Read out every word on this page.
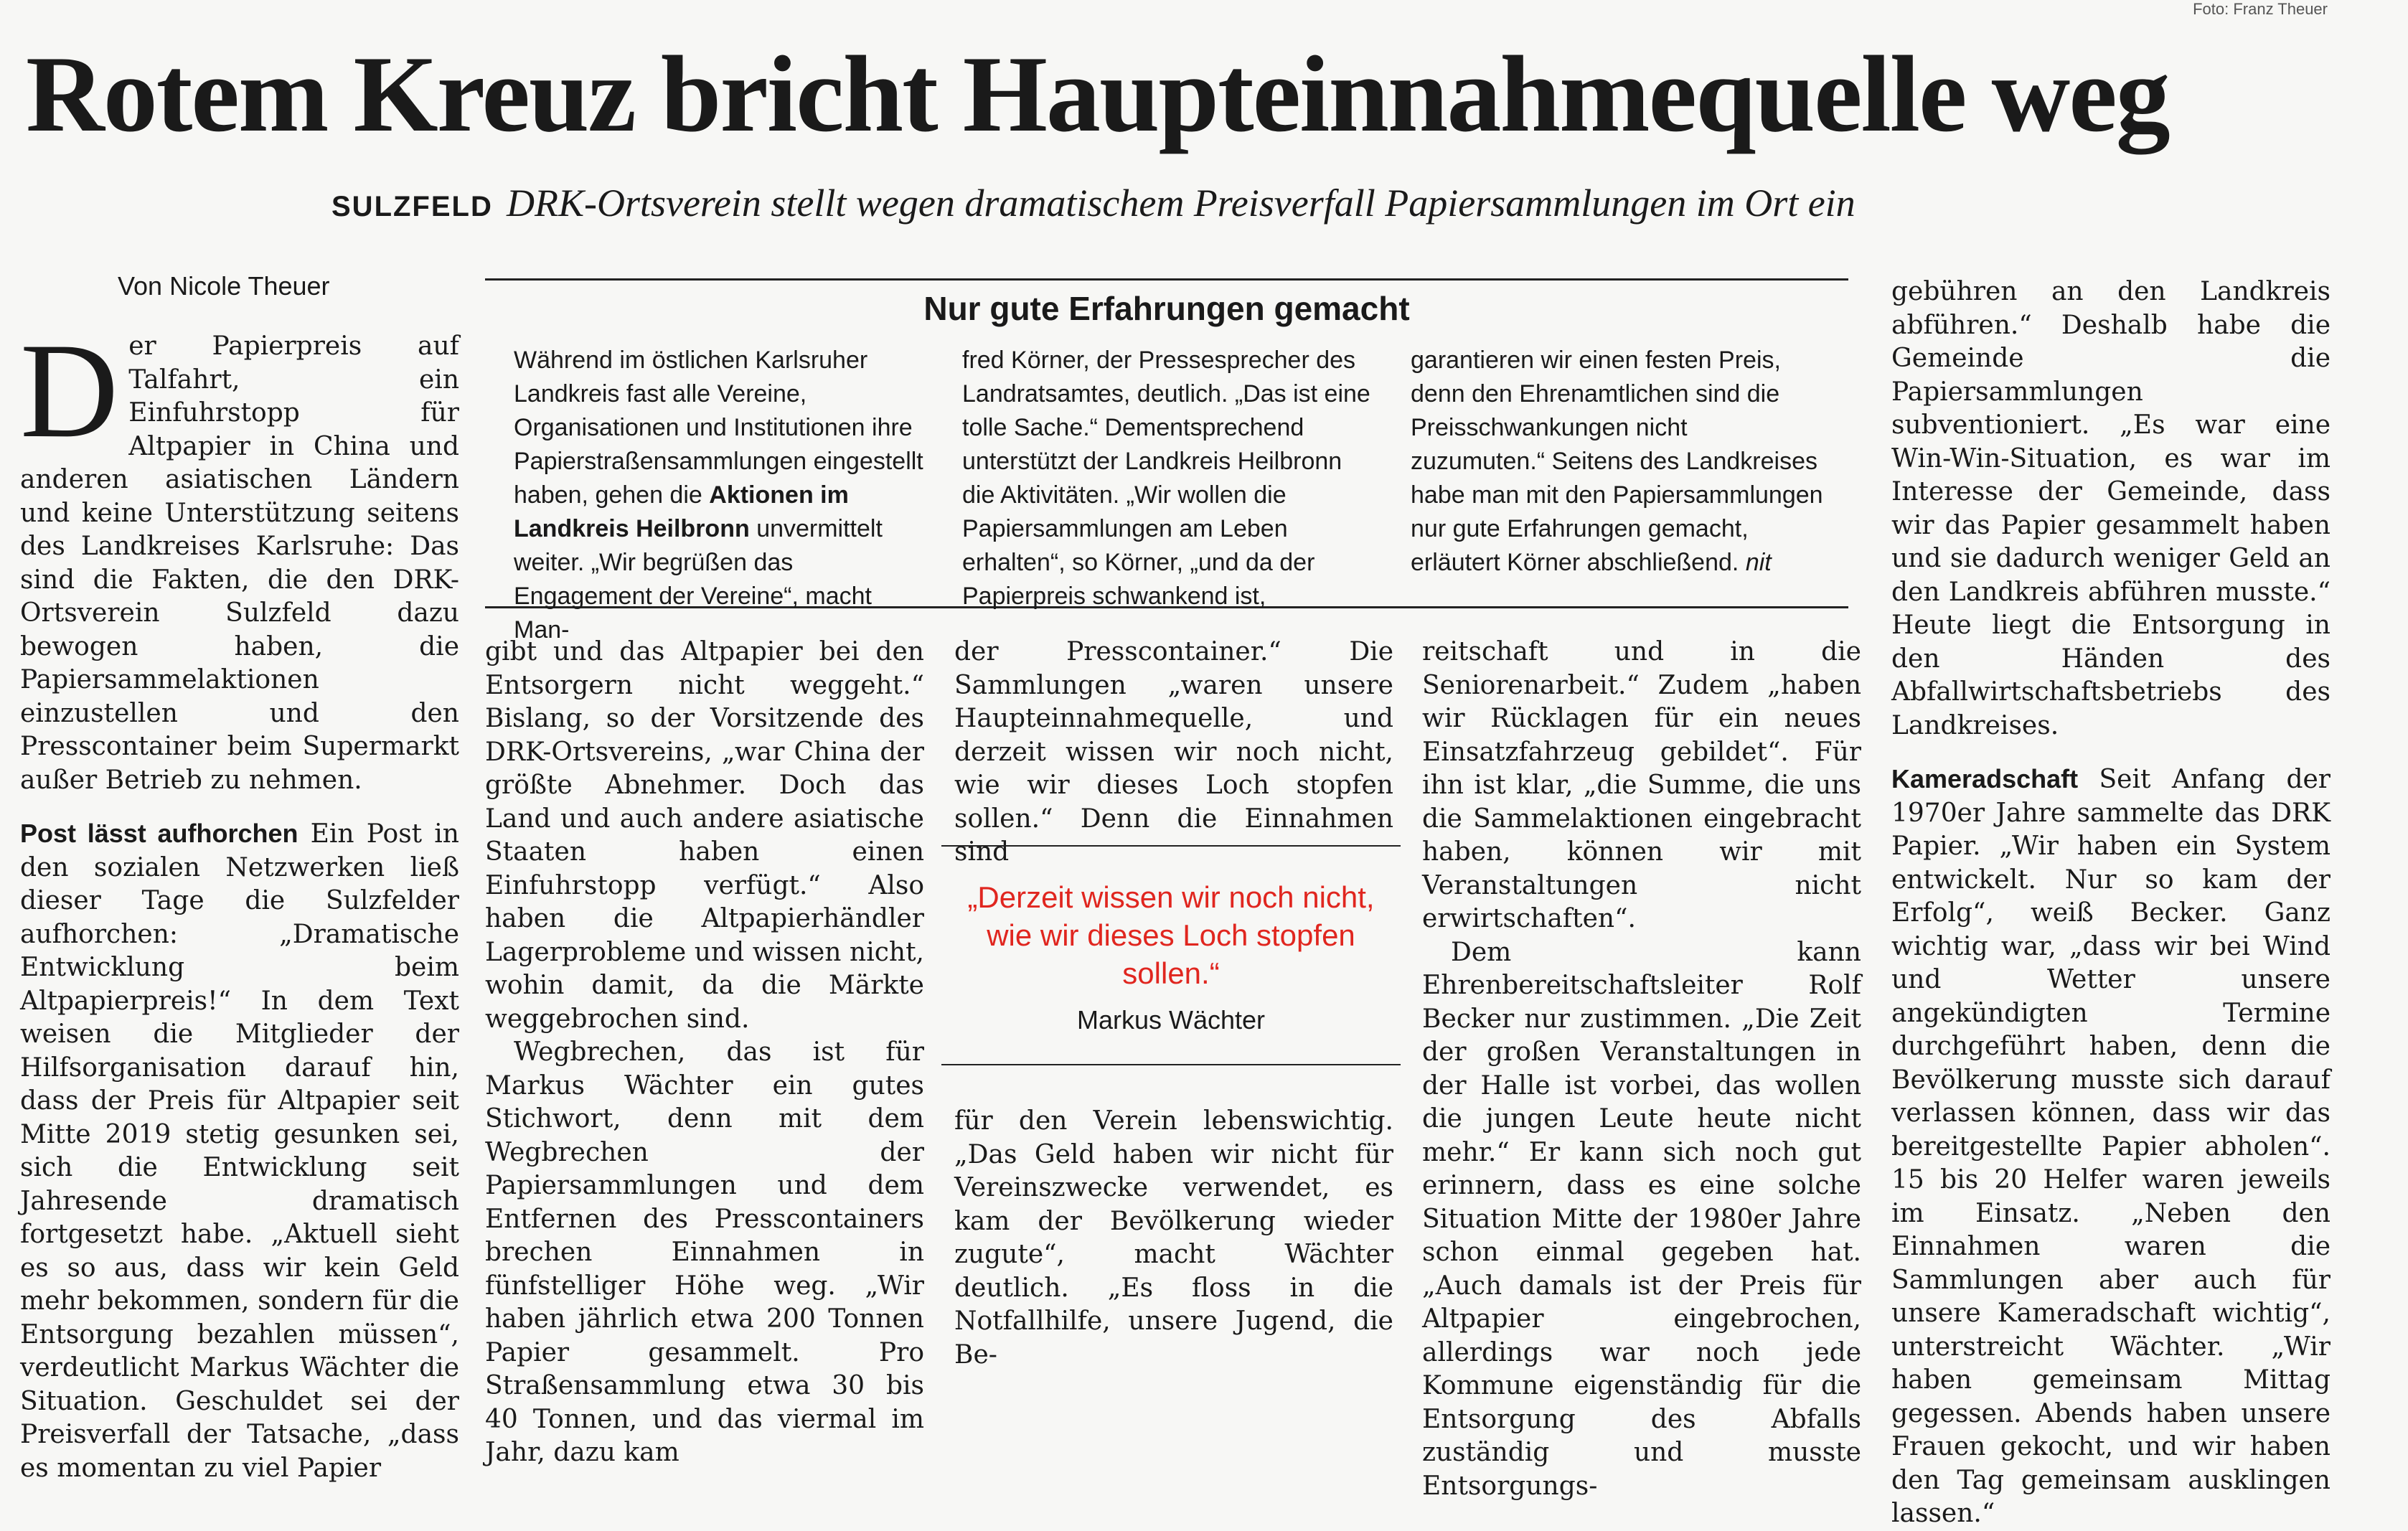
Foto: Franz Theuer
Rotem Kreuz bricht Haupteinnahmequelle weg
SULZFELD DRK-Ortsverein stellt wegen dramatischem Preisverfall Papiersammlungen im Ort ein
Von Nicole Theuer

D er Papierpreis auf Talfahrt, ein Einfuhrstopp für Altpapier in China und anderen asiatischen Ländern und keine Unterstützung seitens des Landkreises Karlsruhe: Das sind die Fakten, die den DRK-Ortsverein Sulzfeld dazu bewogen haben, die Papiersammelaktionen einzustellen und den Presscontainer beim Supermarkt außer Betrieb zu nehmen.

Post lässt aufhorchen Ein Post in den sozialen Netzwerken ließ dieser Tage die Sulzfelder aufhorchen: „Dramatische Entwicklung beim Altpapierpreis!“ In dem Text weisen die Mitglieder der Hilfsorganisation darauf hin, dass der Preis für Altpapier seit Mitte 2019 stetig gesunken sei, sich die Entwicklung seit Jahresende dramatisch fortgesetzt habe. „Aktuell sieht es so aus, dass wir kein Geld mehr bekommen, sondern für die Entsorgung bezahlen müssen“, verdeutlicht Markus Wächter die Situation. Geschuldet sei der Preisverfall der Tatsache, „dass es momentan zu viel Papier

Nur gute Erfahrungen gemacht

Während im östlichen Karlsruher Landkreis fast alle Vereine, Organisationen und Institutionen ihre Papierstraßensammlungen eingestellt haben, gehen die Aktionen im Landkreis Heilbronn unvermittelt weiter. „Wir begrüßen das Engagement der Vereine“, macht Man-

fred Körner, der Pressesprecher des Landratsamtes, deutlich. „Das ist eine tolle Sache.“ Dementsprechend unterstützt der Landkreis Heilbronn die Aktivitäten. „Wir wollen die Papiersammlungen am Leben erhalten“, so Körner, „und da der Papierpreis schwankend ist,

garantieren wir einen festen Preis, denn den Ehrenamtlichen sind die Preisschwankungen nicht zuzumuten.“ Seitens des Landkreises habe man mit den Papiersammlungen nur gute Erfahrungen gemacht, erläutert Körner abschließend. nit

gibt und das Altpapier bei den Entsorgern nicht weggeht.“ Bislang, so der Vorsitzende des DRK-Ortsvereins, „war China der größte Abnehmer. Doch das Land und auch andere asiatische Staaten haben einen Einfuhrstopp verfügt.“ Also haben die Altpapierhändler Lagerprobleme und wissen nicht, wohin damit, da die Märkte weggebrochen sind.

Wegbrechen, das ist für Markus Wächter ein gutes Stichwort, denn mit dem Wegbrechen der Papiersammlungen und dem Entfernen des Presscontainers brechen Einnahmen in fünfstelliger Höhe weg. „Wir haben jährlich etwa 200 Tonnen Papier gesammelt. Pro Straßensammlung etwa 30 bis 40 Tonnen, und das viermal im Jahr, dazu kam

der Presscontainer.“ Die Sammlungen „waren unsere Haupteinnahmequelle, und derzeit wissen wir noch nicht, wie wir dieses Loch stopfen sollen.“ Denn die Einnahmen sind

für den Verein lebenswichtig. „Das Geld haben wir nicht für Vereinszwecke verwendet, es kam der Bevölkerung wieder zugute“, macht Wächter deutlich. „Es floss in die Notfallhilfe, unsere Jugend, die Be-

„Derzeit wissen wir noch nicht, wie wir dieses Loch stopfen sollen.“

Markus Wächter

reitschaft und in die Seniorenarbeit.“ Zudem „haben wir Rücklagen für ein neues Einsatzfahrzeug gebildet“. Für ihn ist klar, „die Summe, die uns die Sammelaktionen eingebracht haben, können wir mit Veranstaltungen nicht erwirtschaften“.

Dem kann Ehrenbereitschaftsleiter Rolf Becker nur zustimmen. „Die Zeit der großen Veranstaltungen in der Halle ist vorbei, das wollen die jungen Leute heute nicht mehr.“ Er kann sich noch gut erinnern, dass es eine solche Situation Mitte der 1980er Jahre schon einmal gegeben hat. „Auch damals ist der Preis für Altpapier eingebrochen, allerdings war noch jede Kommune eigenständig für die Entsorgung des Abfalls zuständig und musste Entsorgungs-

gebühren an den Landkreis abführen.“ Deshalb habe die Gemeinde die Papiersammlungen subventioniert. „Es war eine Win-Win-Situation, es war im Interesse der Gemeinde, dass wir das Papier gesammelt haben und sie dadurch weniger Geld an den Landkreis abführen musste.“ Heute liegt die Entsorgung in den Händen des Abfallwirtschaftsbetriebs des Landkreises.

Kameradschaft Seit Anfang der 1970er Jahre sammelte das DRK Papier. „Wir haben ein System entwickelt. Nur so kam der Erfolg“, weiß Becker. Ganz wichtig war, „dass wir bei Wind und Wetter unsere angekündigten Termine durchgeführt haben, denn die Bevölkerung musste sich darauf verlassen können, dass wir das bereitgestellte Papier abholen“. 15 bis 20 Helfer waren jeweils im Einsatz. „Neben den Einnahmen waren die Sammlungen aber auch für unsere Kameradschaft wichtig“, unterstreicht Wächter. „Wir haben gemeinsam Mittag gegessen. Abends haben unsere Frauen gekocht, und wir haben den Tag gemeinsam ausklingen lassen.“
